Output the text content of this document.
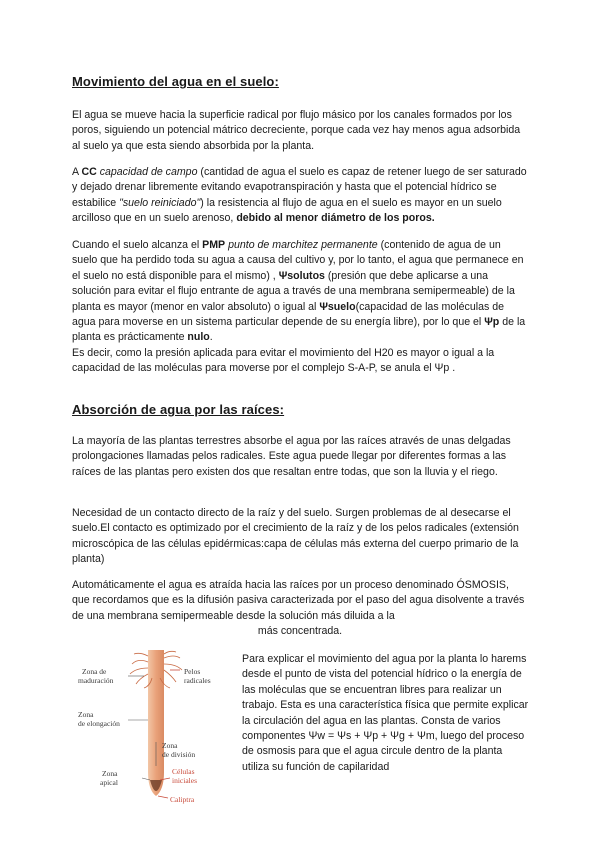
Movimiento del agua en el suelo:

El agua se mueve hacia la superficie radical por flujo másico por los canales formados por los poros, siguiendo un potencial mátrico decreciente, porque cada vez hay menos agua adsorbida al suelo ya que esta siendo absorbida por la planta.

A CC capacidad de campo (cantidad de agua el suelo es capaz de retener luego de ser saturado y dejado drenar libremente evitando evapotranspiración y hasta que el potencial hídrico se estabilice "suelo reiniciado") la resistencia al flujo de agua en el suelo es mayor en un suelo arcilloso que en un suelo arenoso, debido al menor diámetro de los poros.

Cuando el suelo alcanza el PMP punto de marchitez permanente (contenido de agua de un suelo que ha perdido toda su agua a causa del cultivo y, por lo tanto, el agua que permanece en el suelo no está disponible para el mismo) , Ψsolutos (presión que debe aplicarse a una solución para evitar el flujo entrante de agua a través de una membrana semipermeable) de la planta es mayor (menor en valor absoluto) o igual al Ψsuelo(capacidad de las moléculas de agua para moverse en un sistema particular depende de su energía libre), por lo que el Ψp de la planta es prácticamente nulo.
Es decir, como la presión aplicada para evitar el movimiento del H20 es mayor o igual a la capacidad de las moléculas para moverse por el complejo S-A-P, se anula el Ψp .

Absorción de agua por las raíces:

La mayoría de las plantas terrestres absorbe el agua por las raíces através de unas delgadas prolongaciones llamadas pelos radicales. Este agua puede llegar por diferentes formas a las raíces de las plantas pero existen dos que resaltan entre todas, que son la lluvia y el riego.

Necesidad de un contacto directo de la raíz y del suelo. Surgen problemas de al desecarse el suelo.El contacto es optimizado por el crecimiento de la raíz y de los pelos radicales (extensión microscópica de las células epidérmicas:capa de células más externa del cuerpo primario de la planta)

Automáticamente el agua es atraída hacia las raíces por un proceso denominado ÓSMOSIS, que recordamos que es la difusión pasiva caracterizada por el paso del agua disolvente a través de una membrana semipermeable desde la solución más diluida a la

más concentrada.

Zona de
maduración
Pelos
radicales
Zona
de elongación
Zona
de división
Zona
apical
Células
iniciales
Caliptra

Para explicar el movimiento del agua por la planta lo harems desde el punto de vista del potencial hídrico o la energía de las moléculas que se encuentran libres para realizar un trabajo. Esta es una característica física que permite explicar la circulación del agua en las plantas. Consta de varios componentes Ψw = Ψs + Ψp + Ψg + Ψm, luego del proceso de osmosis para que el agua circule dentro de la planta utiliza su función de capilaridad
